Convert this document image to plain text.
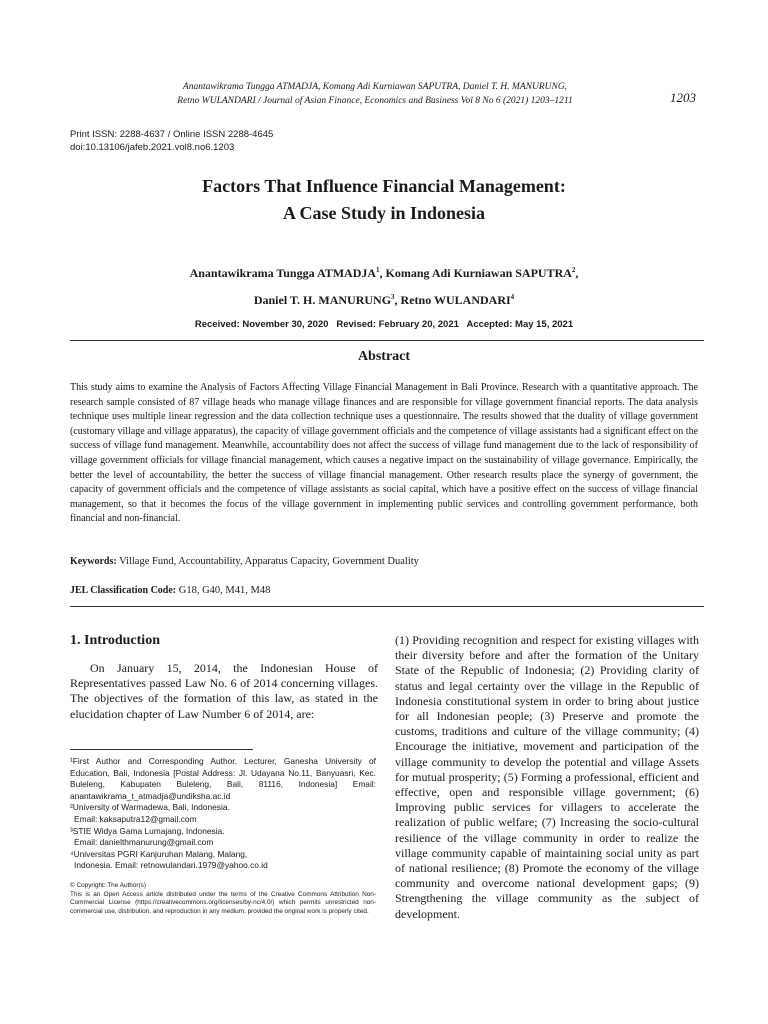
Anantawikrama Tungga ATMADJA, Komang Adi Kurniawan SAPUTRA, Daniel T. H. MANURUNG,
Retno WULANDARI / Journal of Asian Finance, Economics and Business Vol 8 No 6 (2021) 1203–1211	1203
Print ISSN: 2288-4637 / Online ISSN 2288-4645
doi:10.13106/jafeb.2021.vol8.no6.1203
Factors That Influence Financial Management:
A Case Study in Indonesia
Anantawikrama Tungga ATMADJA$^1$, Komang Adi Kurniawan SAPUTRA$^2$,
Daniel T. H. MANURUNG$^3$, Retno WULANDARI$^4$
Received: November 30, 2020   Revised: February 20, 2021   Accepted: May 15, 2021
Abstract
This study aims to examine the Analysis of Factors Affecting Village Financial Management in Bali Province. Research with a quantitative approach. The research sample consisted of 87 village heads who manage village finances and are responsible for village government financial reports. The data analysis technique uses multiple linear regression and the data collection technique uses a questionnaire. The results showed that the duality of village government (customary village and village apparatus), the capacity of village government officials and the competence of village assistants had a significant effect on the success of village fund management. Meanwhile, accountability does not affect the success of village fund management due to the lack of responsibility of village government officials for village financial management, which causes a negative impact on the sustainability of village governance. Empirically, the better the level of accountability, the better the success of village financial management. Other research results place the synergy of government, the capacity of government officials and the competence of village assistants as social capital, which have a positive effect on the success of village financial management, so that it becomes the focus of the village government in implementing public services and controlling government performance, both financial and non-financial.
Keywords: Village Fund, Accountability, Apparatus Capacity, Government Duality
JEL Classification Code: G18, G40, M41, M48
1. Introduction

On January 15, 2014, the Indonesian House of Representatives passed Law No. 6 of 2014 concerning villages. The objectives of the formation of this law, as stated in the elucidation chapter of Law Number 6 of 2014, are:

¹First Author and Corresponding Author. Lecturer, Ganesha University of Education, Bali, Indonesia [Postal Address: Jl. Udayana No.11, Banyuasri, Kec. Buleleng, Kabupaten Buleleng, Bali, 81116, Indonesia] Email: anantawikrama_t_atmadja@undiksha.ac.id
²University of Warmadewa, Bali, Indonesia.
Email: kaksaputra12@gmail.com
³STIE Widya Gama Lumajang, Indonesia.
Email: danielthmanurung@gmail.com
⁴Universitas PGRI Kanjuruhan Malang, Malang,
Indonesia. Email: retnowulandari.1979@yahoo.co.id
© Copyright: The Author(s)
This is an Open Access article distributed under the terms of the Creative Commons Attribution Non-Commercial License (https://creativecommons.org/licenses/by-nc/4.0/) which permits unrestricted non-commercial use, distribution, and reproduction in any medium, provided the original work is properly cited.
(1) Providing recognition and respect for existing villages with their diversity before and after the formation of the Unitary State of the Republic of Indonesia; (2) Providing clarity of status and legal certainty over the village in the Republic of Indonesia constitutional system in order to bring about justice for all Indonesian people; (3) Preserve and promote the customs, traditions and culture of the village community; (4) Encourage the initiative, movement and participation of the village community to develop the potential and village Assets for mutual prosperity; (5) Forming a professional, efficient and effective, open and responsible village government; (6) Improving public services for villagers to accelerate the realization of public welfare; (7) Increasing the socio-cultural resilience of the village community in order to realize the village community capable of maintaining social unity as part of national resilience; (8) Promote the economy of the village community and overcome national development gaps; (9) Strengthening the village community as the subject of development.
